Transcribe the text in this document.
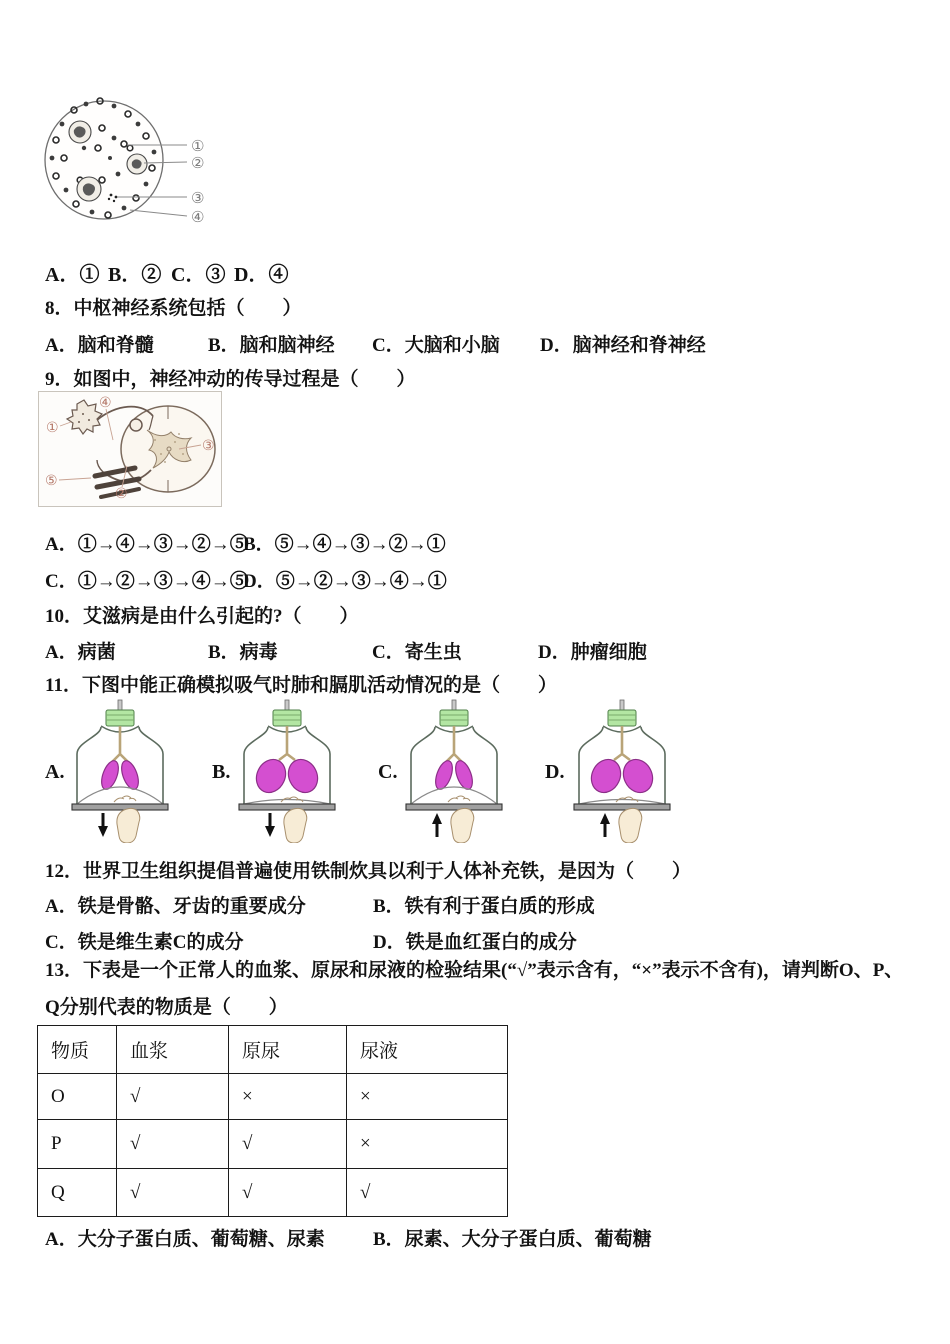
①
②
③
④
A．① B．② C．③ D．④
8．中枢神经系统包括（　　）
A．脑和脊髓	B．脑和脑神经 C．大脑和小脑 D．脑神经和脊神经
9．如图中，神经冲动的传导过程是（　　）
①
④
③
⑤
②
A．①→④→③→②→⑤
B．⑤→④→③→②→①
C．①→②→③→④→⑤
D．⑤→②→③→④→①
10．艾滋病是由什么引起的?（　　）
A．病菌	B．病毒	C．寄生虫	D．肿瘤细胞
11．下图中能正确模拟吸气时肺和膈肌活动情况的是（　　）
A.	B.	C.	D.
12．世界卫生组织提倡普遍使用铁制炊具以利于人体补充铁，是因为（　　）
A．铁是骨骼、牙齿的重要成分	B．铁有利于蛋白质的形成
C．铁是维生素C的成分	D．铁是血红蛋白的成分
13．下表是一个正常人的血浆、原尿和尿液的检验结果(“√”表示含有，“×”表示不含有)，请判断O、P、Q分别代表的物质是（　　）
物质	血浆	原尿	尿液
O	√	×	×
P	√	√	×
Q	√	√	√
A．大分子蛋白质、葡萄糖、尿素	B．尿素、大分子蛋白质、葡萄糖
